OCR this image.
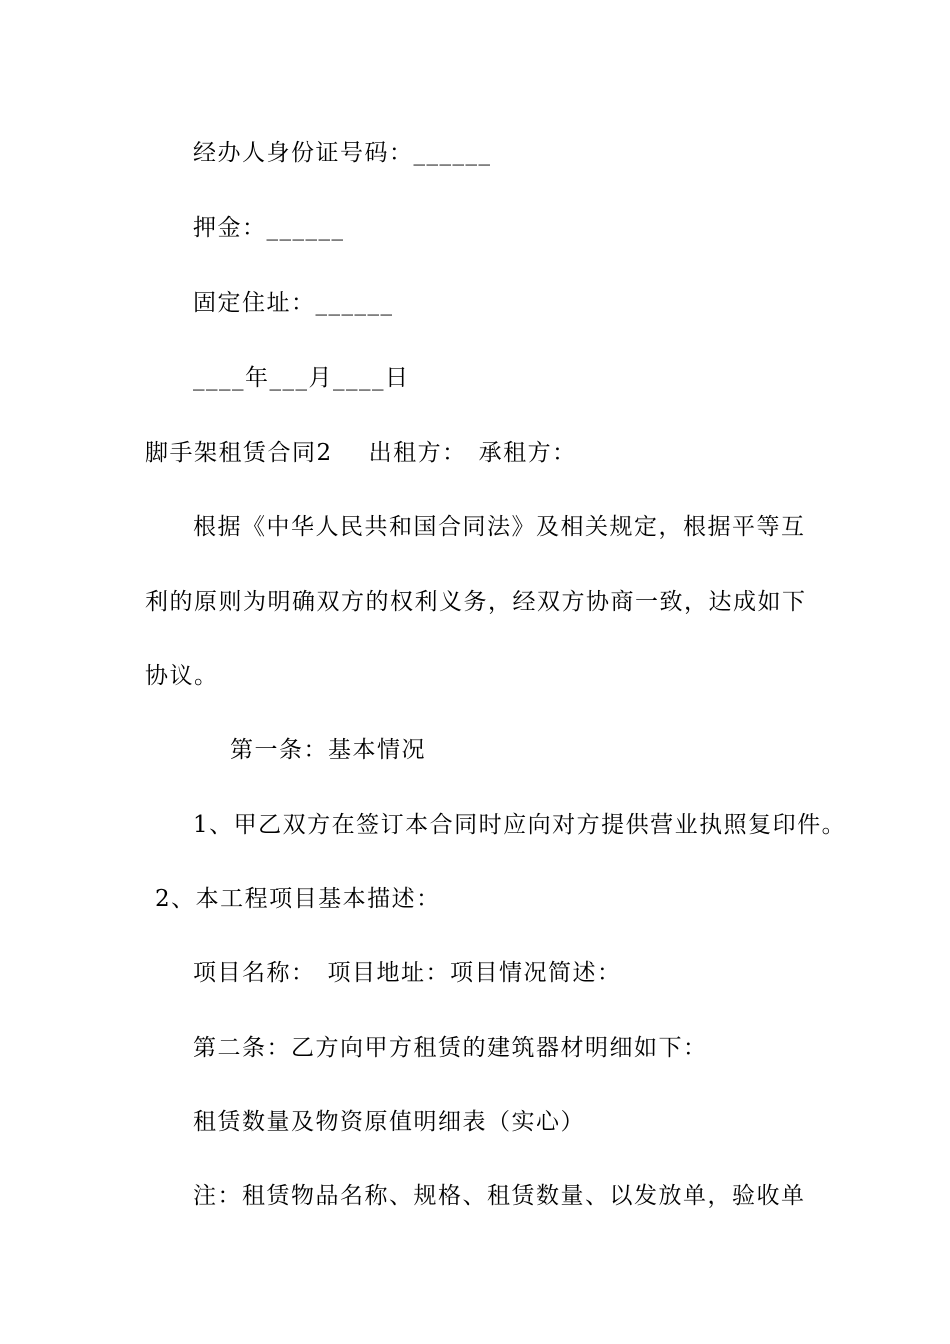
经办人身份证号码：______
押金：______
固定住址：______
____年___月____日
脚手架租赁合同2 出租方： 承租方：
根据《中华人民共和国合同法》及相关规定，根据平等互
利的原则为明确双方的权利义务，经双方协商一致，达成如下
协议。
第一条：基本情况
1、甲乙双方在签订本合同时应向对方提供营业执照复印件。
2、本工程项目基本描述：
项目名称： 项目地址：项目情况简述：
第二条：乙方向甲方租赁的建筑器材明细如下：
租赁数量及物资原值明细表（实心）
注：租赁物品名称、规格、租赁数量、以发放单，验收单
